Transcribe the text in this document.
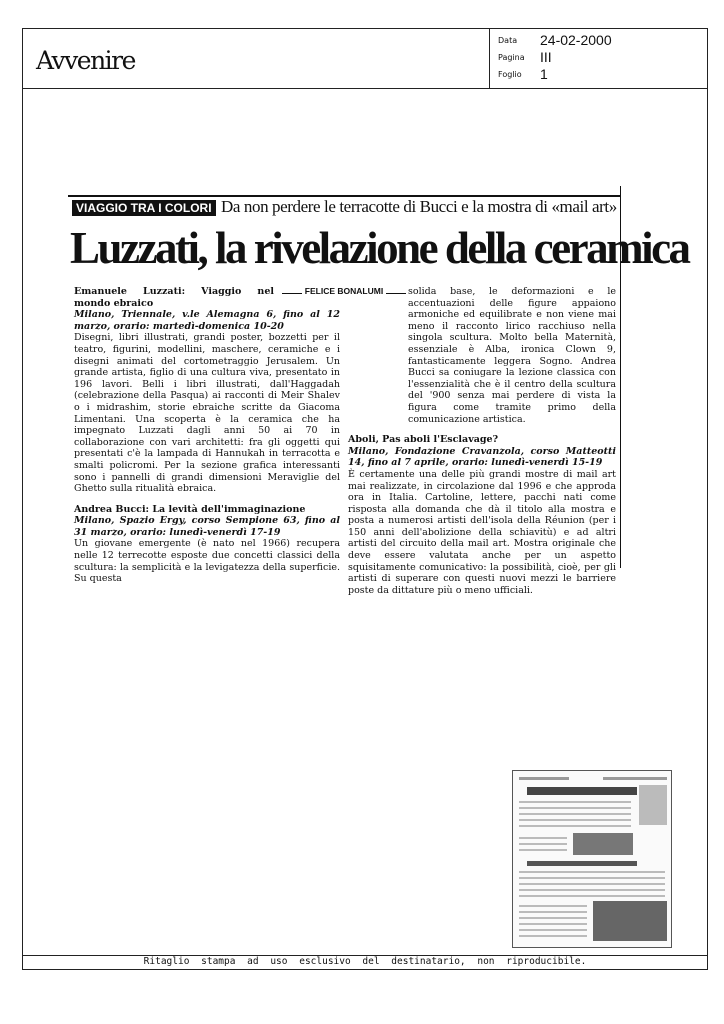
Avvenire
Data 24-02-2000
Pagina III
Foglio 1
VIAGGIO TRA I COLORI Da non perdere le terracotte di Bucci e la mostra di «mail art»
Luzzati, la rivelazione della ceramica

Emanuele Luzzati: Viaggio nel mondo ebraico

Milano, Triennale, v.le Alemagna 6, fino al 12 marzo, orario: martedì-domenica 10-20

Disegni, libri illustrati, grandi poster, bozzetti per il teatro, figurini, modellini, maschere, ceramiche e i disegni animati del cortometraggio Jerusalem. Un grande artista, figlio di una cultura viva, presentato in 196 lavori. Belli i libri illustrati, dall'Haggadah (celebrazione della Pasqua) ai racconti di Meir Shalev o i midrashim, storie ebraiche scritte da Giacoma Limentani. Una scoperta è la ceramica che ha impegnato Luzzati dagli anni 50 ai 70 in collaborazione con vari architetti: fra gli oggetti qui presentati c'è la lampada di Hannukah in terracotta e smalti policromi. Per la sezione grafica interessanti sono i pannelli di grandi dimensioni Meraviglie del Ghetto sulla ritualità ebraica.

Andrea Bucci: La levità dell'immaginazione

Milano, Spazio Ergy, corso Sempione 63, fino al 31 marzo, orario: lunedì-venerdì 17-19

Un giovane emergente (è nato nel 1966) recupera nelle 12 terrecotte esposte due concetti classici della scultura: la semplicità e la levigatezza della superficie. Su questa

FELICE BONALUMI	solida base, le deformazioni e le accentuazioni delle figure appaiono armoniche ed equilibrate e non viene mai meno il racconto lirico racchiuso nella singola scultura. Molto bella Maternità, essenziale è Alba, ironica Clown 9, fantasticamente leggera Sogno. Andrea Bucci sa coniugare la lezione classica con l'essenzialità che è il centro della scultura del '900 senza mai perdere di vista la figura come tramite primo della comunicazione artistica.

Aboli, Pas aboli l'Esclavage?

Milano, Fondazione Cravanzola, corso Matteotti 14, fino al 7 aprile, orario: lunedì-venerdì 15-19

È certamente una delle più grandi mostre di mail art mai realizzate, in circolazione dal 1996 e che approda ora in Italia. Cartoline, lettere, pacchi nati come risposta alla domanda che dà il titolo alla mostra e posta a numerosi artisti dell'isola della Réunion (per i 150 anni dell'abolizione della schiavitù) e ad altri artisti del circuito della mail art. Mostra originale che deve essere valutata anche per un aspetto squisitamente comunicativo: la possibilità, cioè, per gli artisti di superare con questi nuovi mezzi le barriere poste da dittature più o meno ufficiali.

Ritaglio stampa ad uso esclusivo del destinatario, non riproducibile.
